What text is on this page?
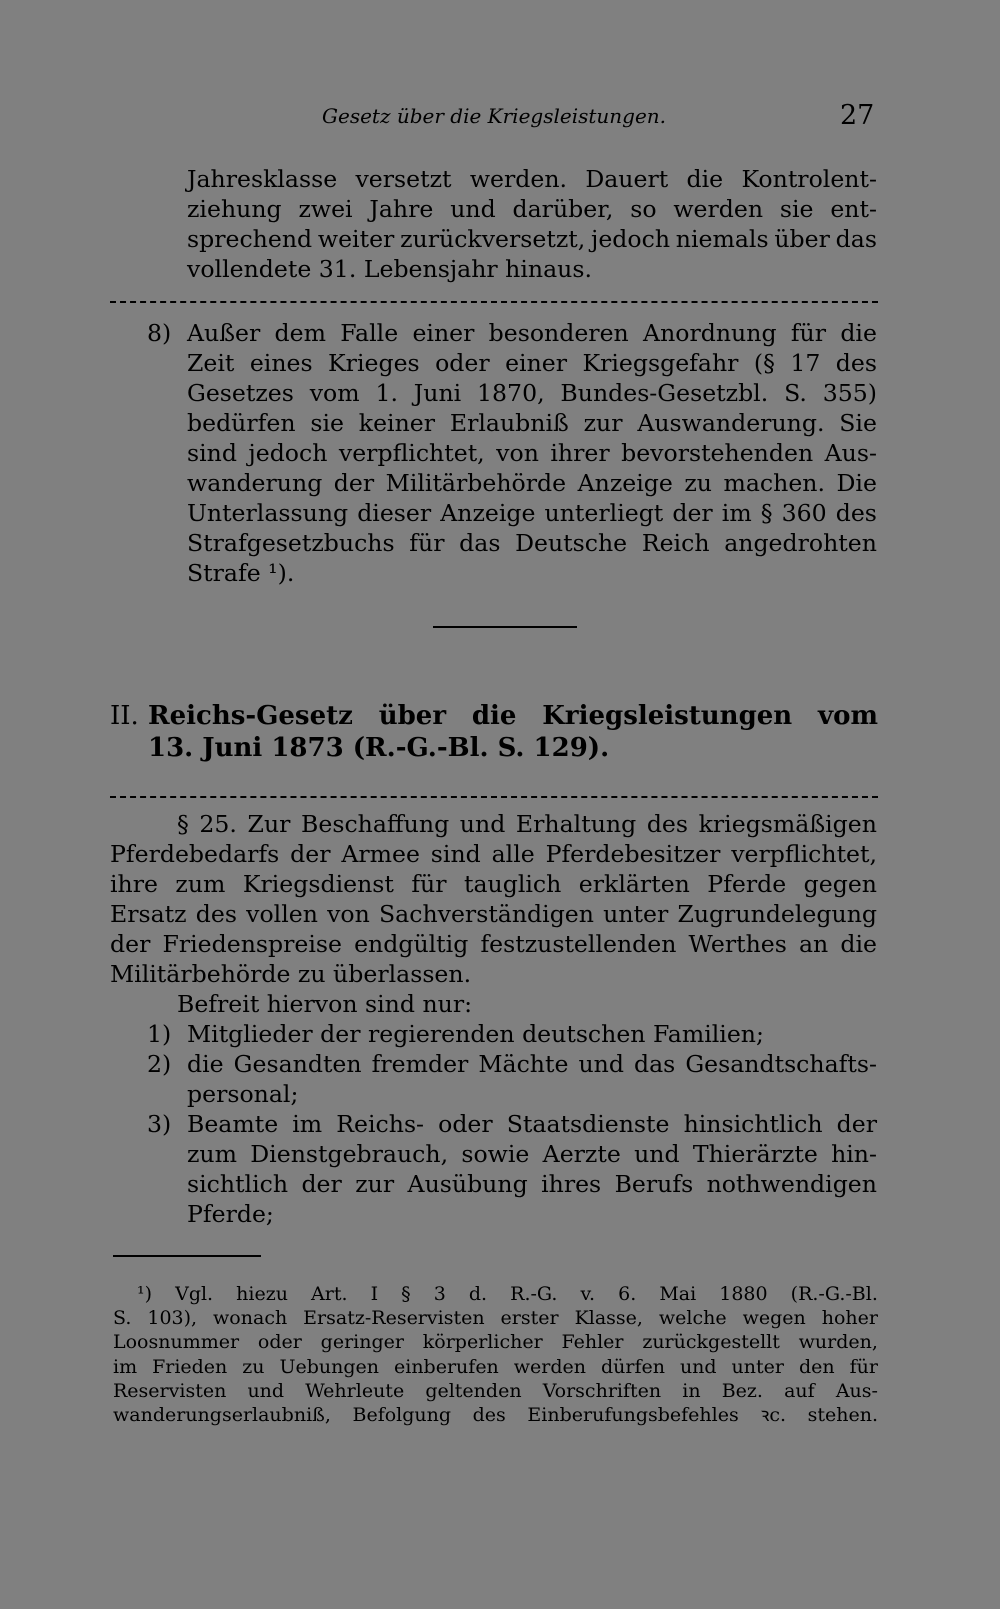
Gesetz über die Kriegsleistungen.	27
Jahresklasse versetzt werden. Dauert die Kontrolent-
ziehung zwei Jahre und darüber, so werden sie ent-
sprechend weiter zurückversetzt, jedoch niemals über das
vollendete 31. Lebensjahr hinaus.
8) Außer dem Falle einer besonderen Anordnung für die
Zeit eines Krieges oder einer Kriegsgefahr (§ 17 des
Gesetzes vom 1. Juni 1870, Bundes-Gesetzbl. S. 355)
bedürfen sie keiner Erlaubniß zur Auswanderung. Sie
sind jedoch verpflichtet, von ihrer bevorstehenden Aus-
wanderung der Militärbehörde Anzeige zu machen. Die
Unterlassung dieser Anzeige unterliegt der im § 360 des
Strafgesetzbuchs für das Deutsche Reich angedrohten
Strafe ¹).
II. Reichs-Gesetz über die Kriegsleistungen vom
13. Juni 1873 (R.-G.-Bl. S. 129).
§ 25. Zur Beschaffung und Erhaltung des kriegsmäßigen
Pferdebedarfs der Armee sind alle Pferdebesitzer verpflichtet,
ihre zum Kriegsdienst für tauglich erklärten Pferde gegen
Ersatz des vollen von Sachverständigen unter Zugrundelegung
der Friedenspreise endgültig festzustellenden Werthes an die
Militärbehörde zu überlassen.
Befreit hiervon sind nur:
1) Mitglieder der regierenden deutschen Familien;
2) die Gesandten fremder Mächte und das Gesandtschafts-
personal;
3) Beamte im Reichs- oder Staatsdienste hinsichtlich der
zum Dienstgebrauch, sowie Aerzte und Thierärzte hin-
sichtlich der zur Ausübung ihres Berufs nothwendigen
Pferde;
¹) Vgl. hiezu Art. I § 3 d. R.-G. v. 6. Mai 1880 (R.-G.-Bl.
S. 103), wonach Ersatz-Reservisten erster Klasse, welche wegen hoher
Loosnummer oder geringer körperlicher Fehler zurückgestellt wurden,
im Frieden zu Uebungen einberufen werden dürfen und unter den für
Reservisten und Wehrleute geltenden Vorschriften in Bez. auf Aus-
wanderungserlaubniß, Befolgung des Einberufungsbefehles ꝛc. stehen.
